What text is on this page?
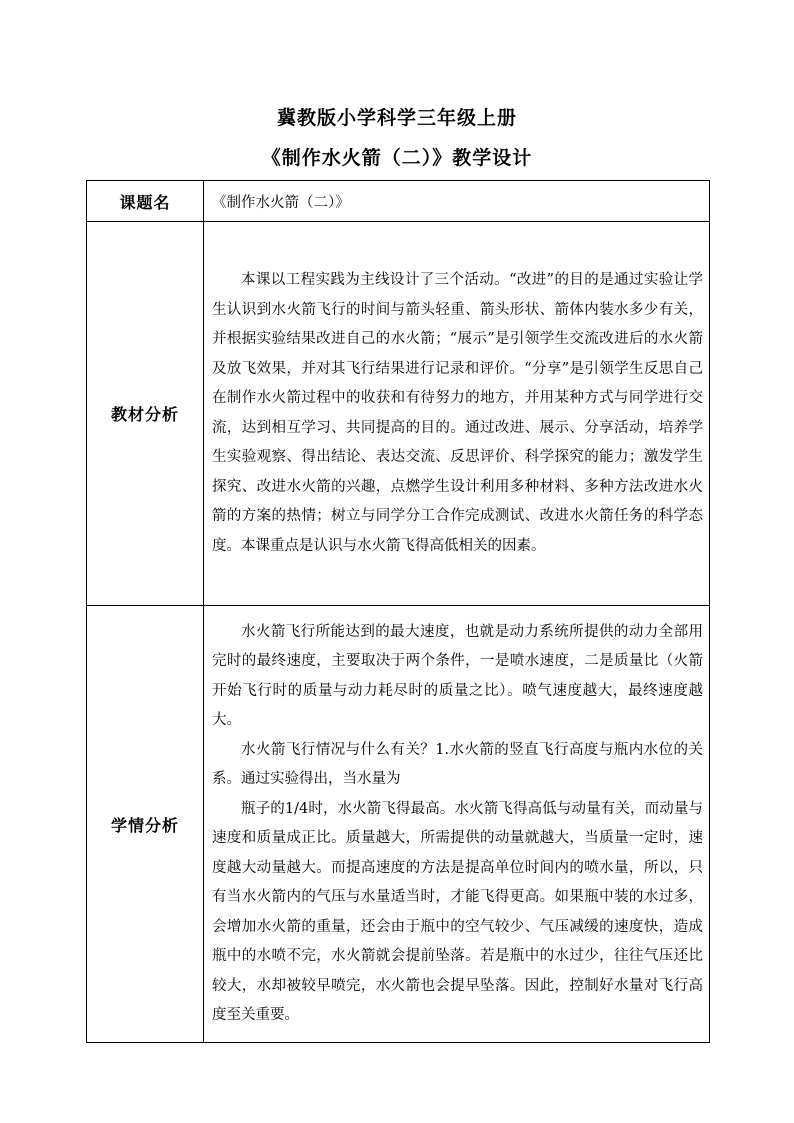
冀教版小学科学三年级上册
《制作水火箭（二）》教学设计
课题名	《制作水火箭（二）》
教材分析	本课以工程实践为主线设计了三个活动。“改进”的目的是通过实验让学生认识到水火箭飞行的时间与箭头轻重、箭头形状、箭体内装水多少有关，并根据实验结果改进自己的水火箭；“展示”是引领学生交流改进后的水火箭及放飞效果，并对其飞行结果进行记录和评价。“分享”是引领学生反思自己在制作水火箭过程中的收获和有待努力的地方，并用某种方式与同学进行交流，达到相互学习、共同提高的目的。通过改进、展示、分享活动，培养学生实验观察、得出结论、表达交流、反思评价、科学探究的能力；激发学生探究、改进水火箭的兴趣，点燃学生设计利用多种材料、多种方法改进水火箭的方案的热情；树立与同学分工合作完成测试、改进水火箭任务的科学态度。本课重点是认识与水火箭飞得高低相关的因素。

学情分析	水火箭飞行所能达到的最大速度，也就是动力系统所提供的动力全部用完时的最终速度，主要取决于两个条件，一是喷水速度，二是质量比（火箭开始飞行时的质量与动力耗尽时的质量之比）。喷气速度越大，最终速度越大。

水火箭飞行情况与什么有关？1.水火箭的竖直飞行高度与瓶内水位的关系。通过实验得出，当水量为

瓶子的1/4时，水火箭飞得最高。水火箭飞得高低与动量有关，而动量与速度和质量成正比。质量越大，所需提供的动量就越大，当质量一定时，速度越大动量越大。而提高速度的方法是提高单位时间内的喷水量，所以，只有当水火箭内的气压与水量适当时，才能飞得更高。如果瓶中装的水过多，会增加水火箭的重量，还会由于瓶中的空气较少、气压减缓的速度快，造成瓶中的水喷不完，水火箭就会提前坠落。若是瓶中的水过少，往往气压还比较大，水却被较早喷完，水火箭也会提早坠落。因此，控制好水量对飞行高度至关重要。
